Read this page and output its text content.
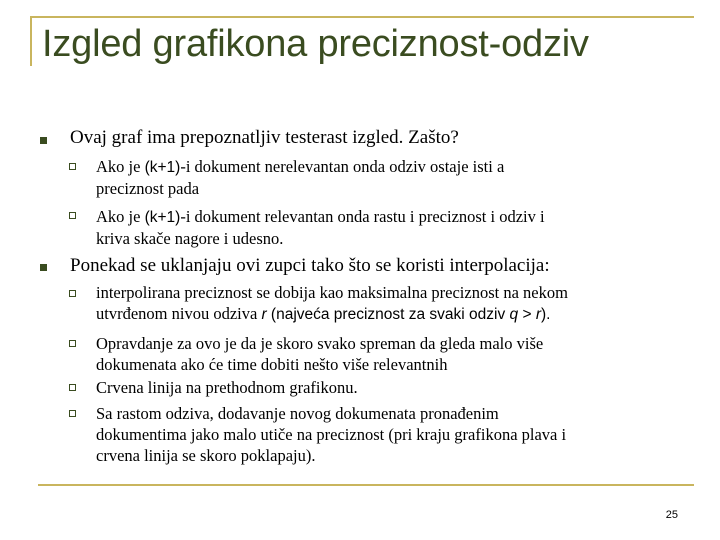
Izgled grafikona preciznost-odziv
Ovaj graf ima prepoznatljiv testerast izgled. Zašto?
Ako je (k+1)-i dokument nerelevantan onda odziv ostaje isti a
preciznost pada
Ako je (k+1)-i dokument relevantan onda rastu i preciznost i odziv i
kriva skače nagore i udesno.
Ponekad se uklanjaju ovi zupci tako što se koristi interpolacija:
interpolirana preciznost se dobija kao maksimalna preciznost na nekom
utvrđenom nivou odziva r (najveća preciznost za svaki odziv q > r).
Opravdanje za ovo je da je skoro svako spreman da gleda malo više
dokumenata ako će time dobiti nešto više relevantnih
Crvena linija na prethodnom grafikonu.
Sa rastom odziva, dodavanje novog dokumenata pronađenim
dokumentima jako malo utiče na preciznost (pri kraju grafikona plava i
crvena linija se skoro poklapaju).
25
